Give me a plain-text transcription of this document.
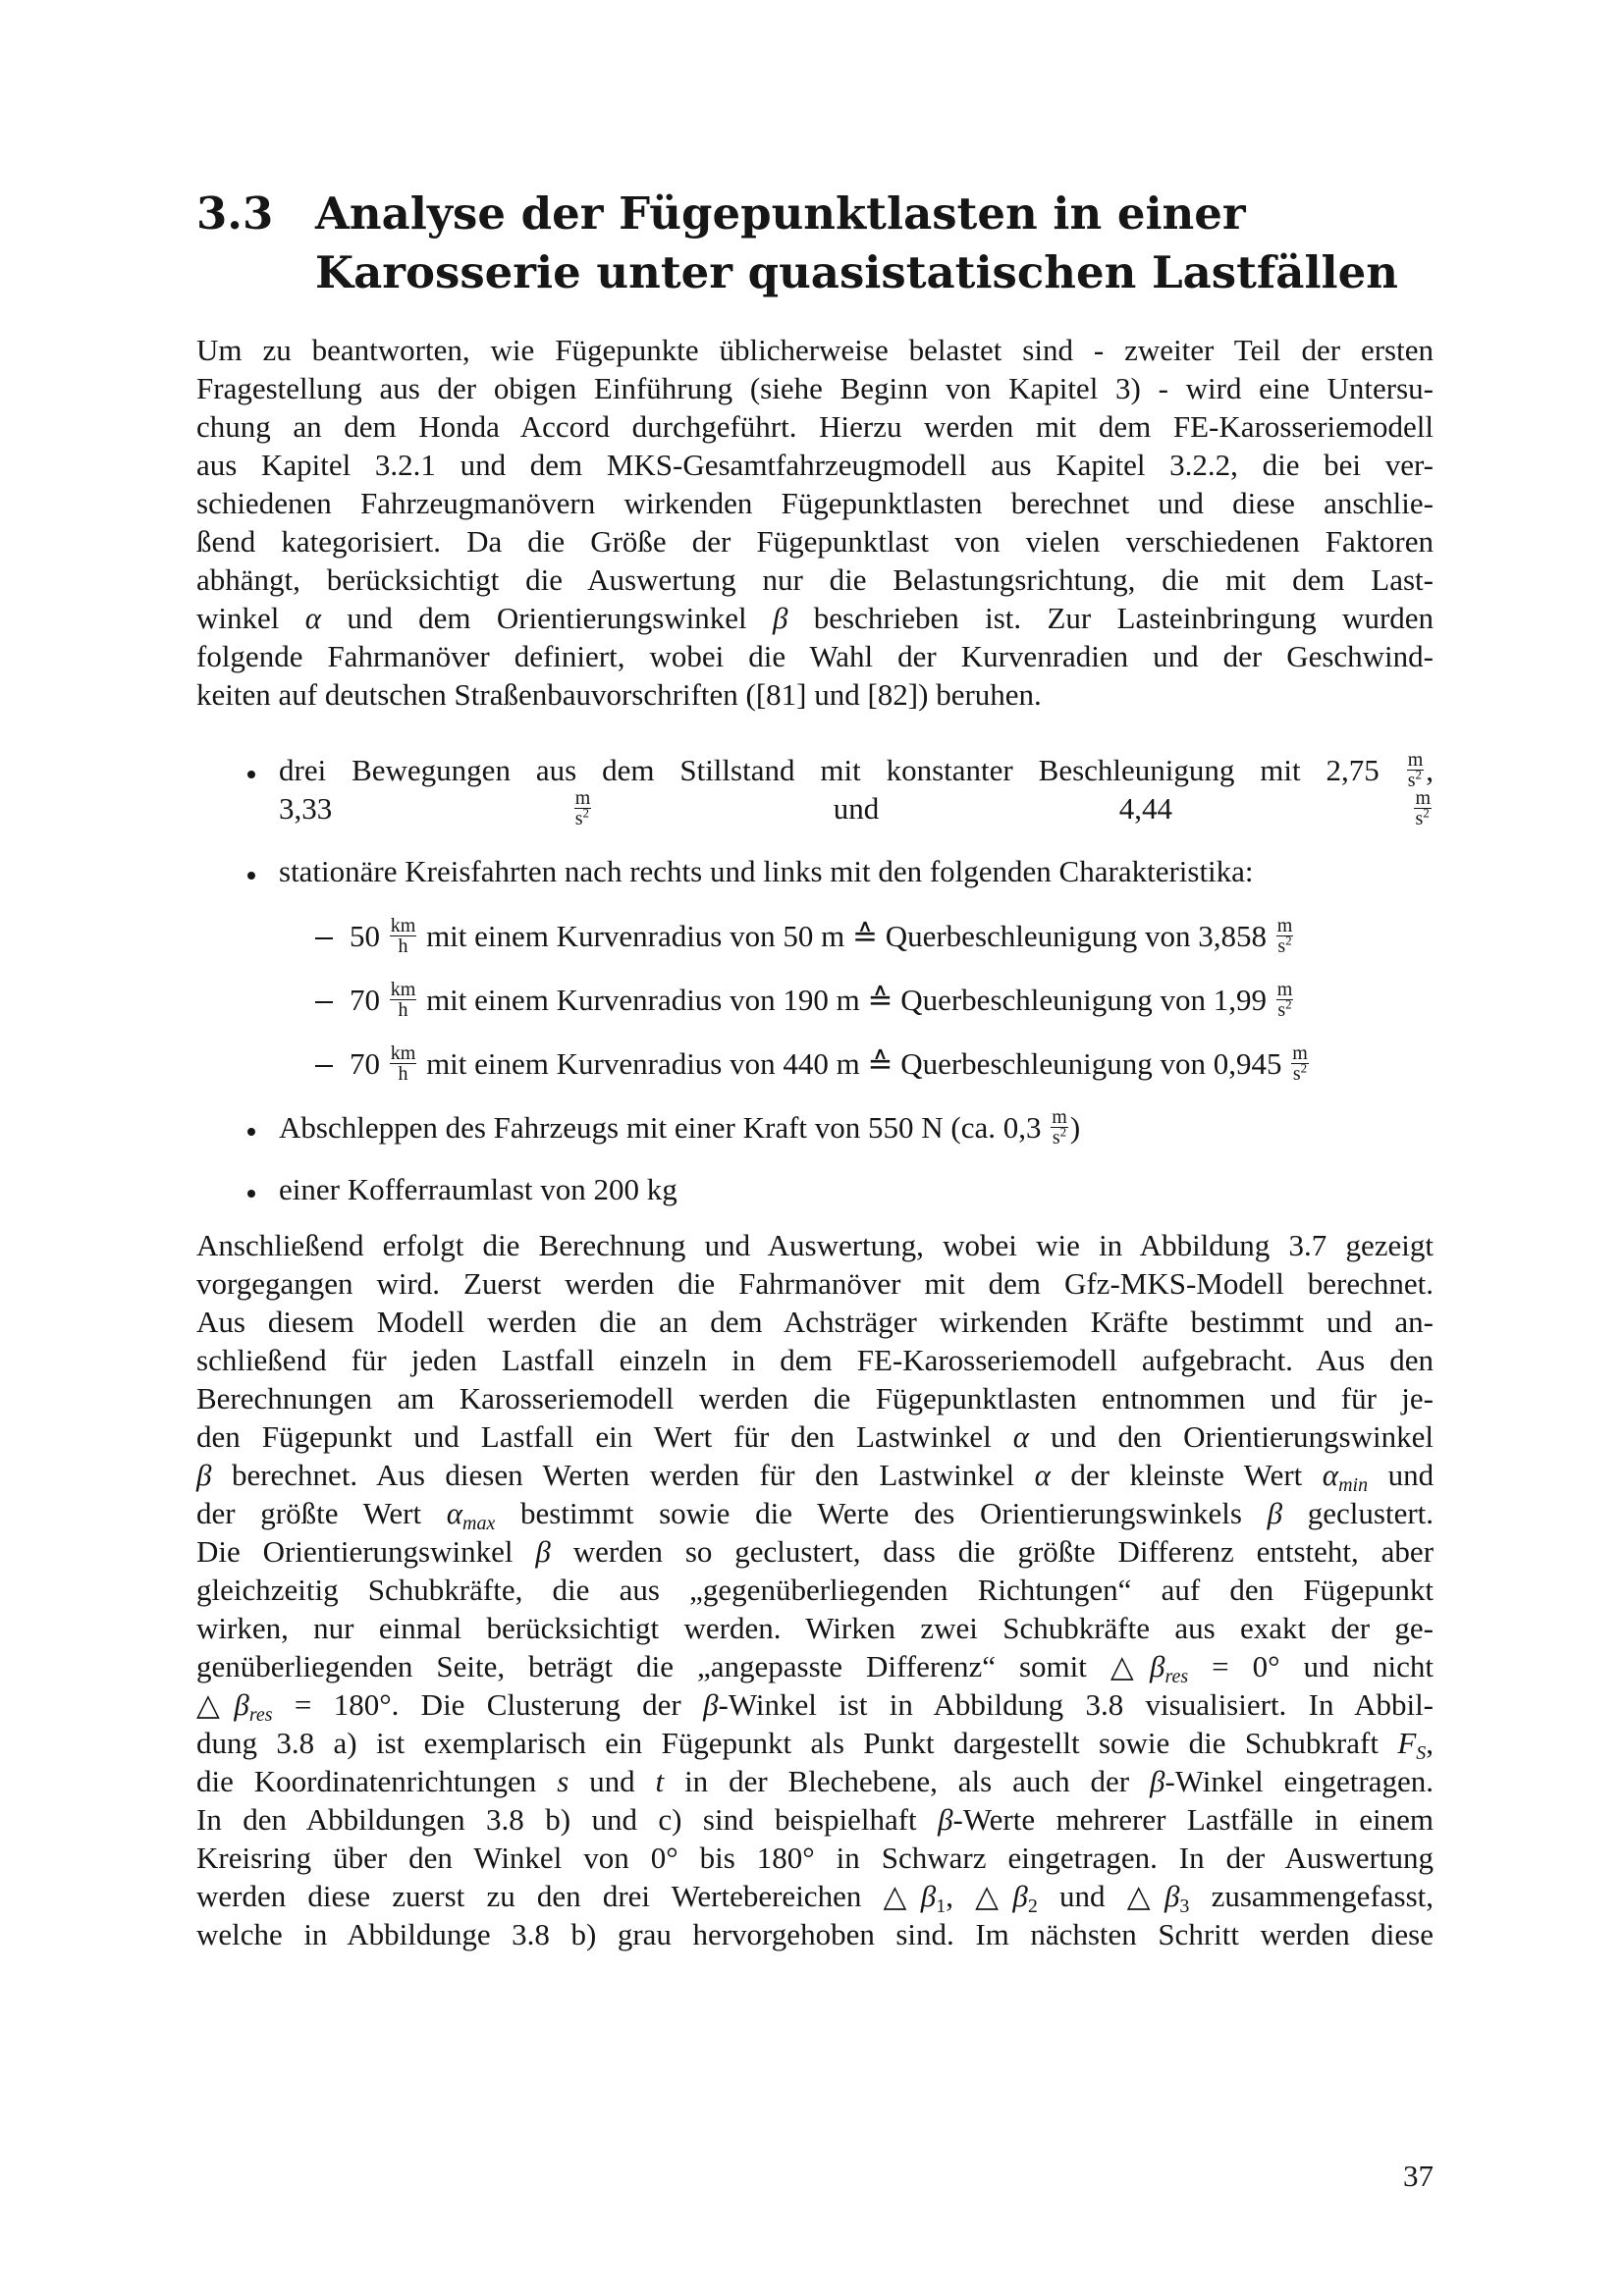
3.3 Analyse der Fügepunktlasten in einer
Karosserie unter quasistatischen Lastfällen
Um zu beantworten, wie Fügepunkte üblicherweise belastet sind - zweiter Teil der ersten
Fragestellung aus der obigen Einführung (siehe Beginn von Kapitel 3) - wird eine Untersu-
chung an dem Honda Accord durchgeführt. Hierzu werden mit dem FE-Karosseriemodell
aus Kapitel 3.2.1 und dem MKS-Gesamtfahrzeugmodell aus Kapitel 3.2.2, die bei ver-
schiedenen Fahrzeugmanövern wirkenden Fügepunktlasten berechnet und diese anschlie-
ßend kategorisiert. Da die Größe der Fügepunktlast von vielen verschiedenen Faktoren
abhängt, berücksichtigt die Auswertung nur die Belastungsrichtung, die mit dem Last-
winkel α und dem Orientierungswinkel β beschrieben ist. Zur Lasteinbringung wurden
folgende Fahrmanöver definiert, wobei die Wahl der Kurvenradien und der Geschwind-
keiten auf deutschen Straßenbauvorschriften ([81] und [82]) beruhen.
drei Bewegungen aus dem Stillstand mit konstanter Beschleunigung mit $2,75 \frac{m}{s^2}$ ,
3,33	$\frac{m}{s^2}$	und 4,44	$\frac{m}{s^2}$
stationäre Kreisfahrten nach rechts und links mit den folgenden Charakteristika:
$50 \frac{km}{h}$ mit einem Kurvenradius von 50 m ≙ Querbeschleunigung von $3,858 \frac{m}{s^2}$
$70 \frac{km}{h}$ mit einem Kurvenradius von 190 m ≙ Querbeschleunigung von $1,99 \frac{m}{s^2}$
$70 \frac{km}{h}$ mit einem Kurvenradius von 440 m ≙ Querbeschleunigung von $0,945 \frac{m}{s^2}$
Abschleppen des Fahrzeugs mit einer Kraft von 550 N (ca. $0,3 \frac{m}{s^2}$ )
einer Kofferraumlast von 200 kg
Anschließend erfolgt die Berechnung und Auswertung, wobei wie in Abbildung 3.7 gezeigt
vorgegangen wird. Zuerst werden die Fahrmanöver mit dem Gfz-MKS-Modell berechnet.
Aus diesem Modell werden die an dem Achsträger wirkenden Kräfte bestimmt und an-
schließend für jeden Lastfall einzeln in dem FE-Karosseriemodell aufgebracht. Aus den
Berechnungen am Karosseriemodell werden die Fügepunktlasten entnommen und für je-
den Fügepunkt und Lastfall ein Wert für den Lastwinkel α und den Orientierungswinkel
β berechnet. Aus diesen Werten werden für den Lastwinkel α der kleinste Wert $\alpha_{min}$ und
der größte Wert $\alpha_{max}$ bestimmt sowie die Werte des Orientierungswinkels β geclustert.
Die Orientierungswinkel β werden so geclustert, dass die größte Differenz entsteht, aber
gleichzeitig Schubkräfte, die aus „gegenüberliegenden Richtungen“ auf den Fügepunkt
wirken, nur einmal berücksichtigt werden. Wirken zwei Schubkräfte aus exakt der ge-
genüberliegenden Seite, beträgt die „angepasste Differenz“ somit $\triangle\beta_{res} = 0^\circ$ und nicht
$\triangle\beta_{res} = 180^\circ$. Die Clusterung der β-Winkel ist in Abbildung 3.8 visualisiert. In Abbil-
dung 3.8 a) ist exemplarisch ein Fügepunkt als Punkt dargestellt sowie die Schubkraft $F_S$,
die Koordinatenrichtungen s und t in der Blechebene, als auch der β-Winkel eingetragen.
In den Abbildungen 3.8 b) und c) sind beispielhaft β-Werte mehrerer Lastfälle in einem
Kreisring über den Winkel von 0° bis 180° in Schwarz eingetragen. In der Auswertung
werden diese zuerst zu den drei Wertebereichen △β1, △β2 und △β3 zusammengefasst,
welche in Abbildunge 3.8 b) grau hervorgehoben sind. Im nächsten Schritt werden diese
37
